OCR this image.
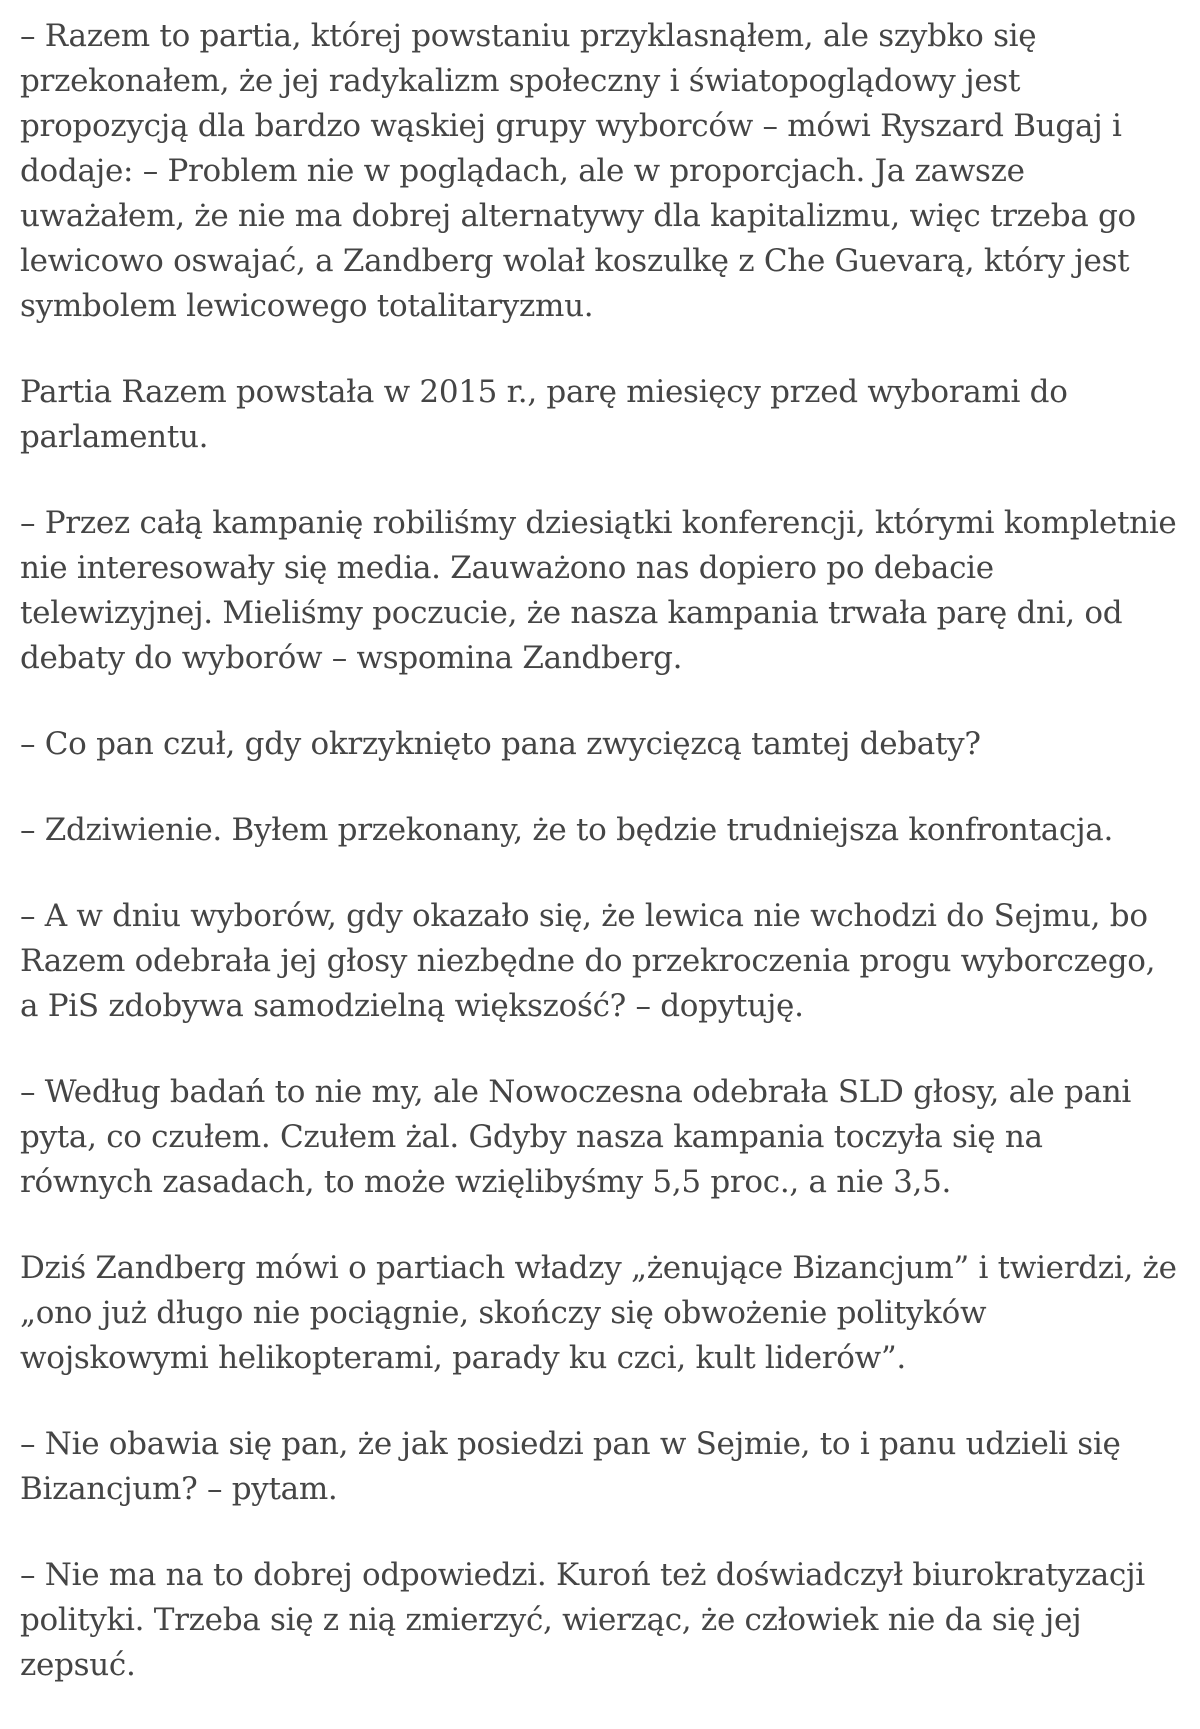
– Razem to partia, której powstaniu przyklasnąłem, ale szybko się przekonałem, że jej radykalizm społeczny i światopoglądowy jest propozycją dla bardzo wąskiej grupy wyborców – mówi Ryszard Bugaj i dodaje: – Problem nie w poglądach, ale w proporcjach. Ja zawsze uważałem, że nie ma dobrej alternatywy dla kapitalizmu, więc trzeba go lewicowo oswajać, a Zandberg wolał koszulkę z Che Guevarą, który jest symbolem lewicowego totalitaryzmu.

Partia Razem powstała w 2015 r., parę miesięcy przed wyborami do parlamentu.

– Przez całą kampanię robiliśmy dziesiątki konferencji, którymi kompletnie nie interesowały się media. Zauważono nas dopiero po debacie telewizyjnej. Mieliśmy poczucie, że nasza kampania trwała parę dni, od debaty do wyborów – wspomina Zandberg.

– Co pan czuł, gdy okrzyknięto pana zwycięzcą tamtej debaty?

– Zdziwienie. Byłem przekonany, że to będzie trudniejsza konfrontacja.

– A w dniu wyborów, gdy okazało się, że lewica nie wchodzi do Sejmu, bo Razem odebrała jej głosy niezbędne do przekroczenia progu wyborczego, a PiS zdobywa samodzielną większość? – dopytuję.

– Według badań to nie my, ale Nowoczesna odebrała SLD głosy, ale pani pyta, co czułem. Czułem żal. Gdyby nasza kampania toczyła się na równych zasadach, to może wzięlibyśmy 5,5 proc., a nie 3,5.

Dziś Zandberg mówi o partiach władzy „żenujące Bizancjum” i twierdzi, że „ono już długo nie pociągnie, skończy się obwożenie polityków wojskowymi helikopterami, parady ku czci, kult liderów”.

– Nie obawia się pan, że jak posiedzi pan w Sejmie, to i panu udzieli się Bizancjum? – pytam.

– Nie ma na to dobrej odpowiedzi. Kuroń też doświadczył biurokratyzacji polityki. Trzeba się z nią zmierzyć, wierząc, że człowiek nie da się jej zepsuć.
